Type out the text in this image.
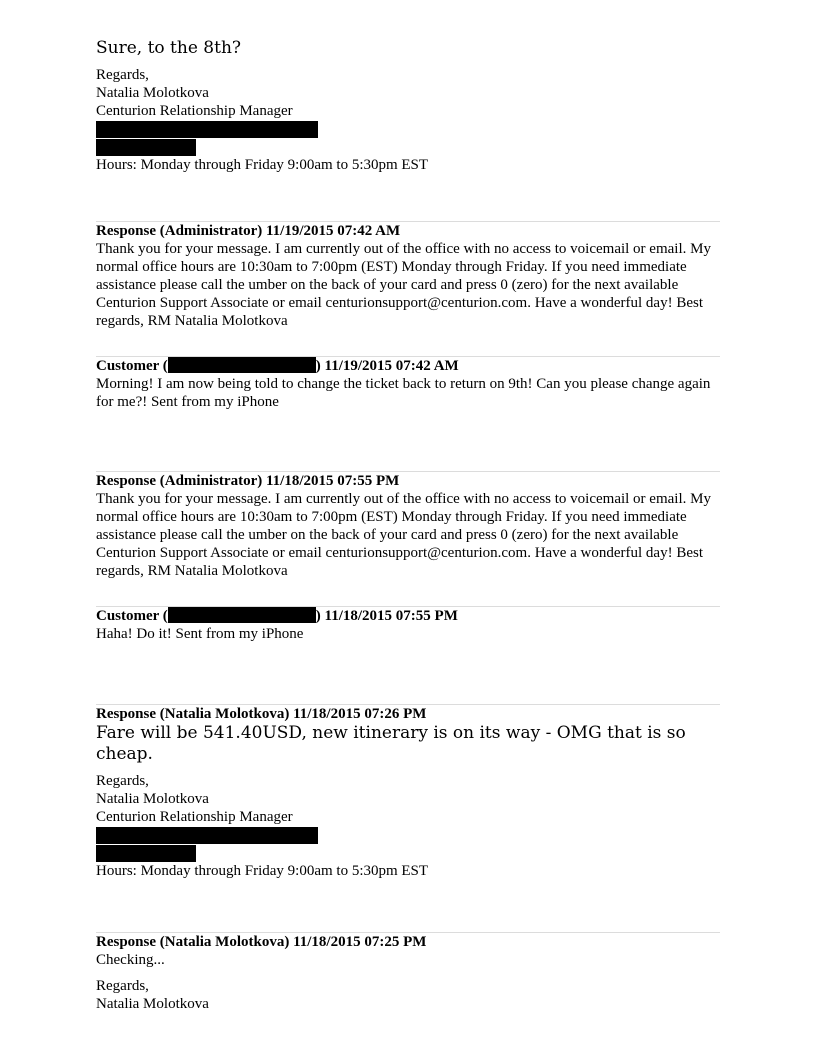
Sure, to the 8th?
Regards,
Natalia Molotkova
Centurion Relationship Manager
Hours: Monday through Friday 9:00am to 5:30pm EST
Response (Administrator) 11/19/2015 07:42 AM
Thank you for your message. I am currently out of the office with no access to voicemail or email. My normal office hours are 10:30am to 7:00pm (EST) Monday through Friday. If you need immediate assistance please call the umber on the back of your card and press 0 (zero) for the next available Centurion Support Associate or email centurionsupport@centurion.com. Have a wonderful day! Best regards, RM Natalia Molotkova
Customer (	) 11/19/2015 07:42 AM
Morning! I am now being told to change the ticket back to return on 9th! Can you please change again for me?! Sent from my iPhone
Response (Administrator) 11/18/2015 07:55 PM
Thank you for your message. I am currently out of the office with no access to voicemail or email. My normal office hours are 10:30am to 7:00pm (EST) Monday through Friday. If you need immediate assistance please call the umber on the back of your card and press 0 (zero) for the next available Centurion Support Associate or email centurionsupport@centurion.com. Have a wonderful day! Best regards, RM Natalia Molotkova
Customer (	) 11/18/2015 07:55 PM
Haha! Do it! Sent from my iPhone
Response (Natalia Molotkova) 11/18/2015 07:26 PM
Fare will be 541.40USD, new itinerary is on its way - OMG that is so cheap.
Regards,
Natalia Molotkova
Centurion Relationship Manager
Hours: Monday through Friday 9:00am to 5:30pm EST
Response (Natalia Molotkova) 11/18/2015 07:25 PM
Checking...
Regards,
Natalia Molotkova
